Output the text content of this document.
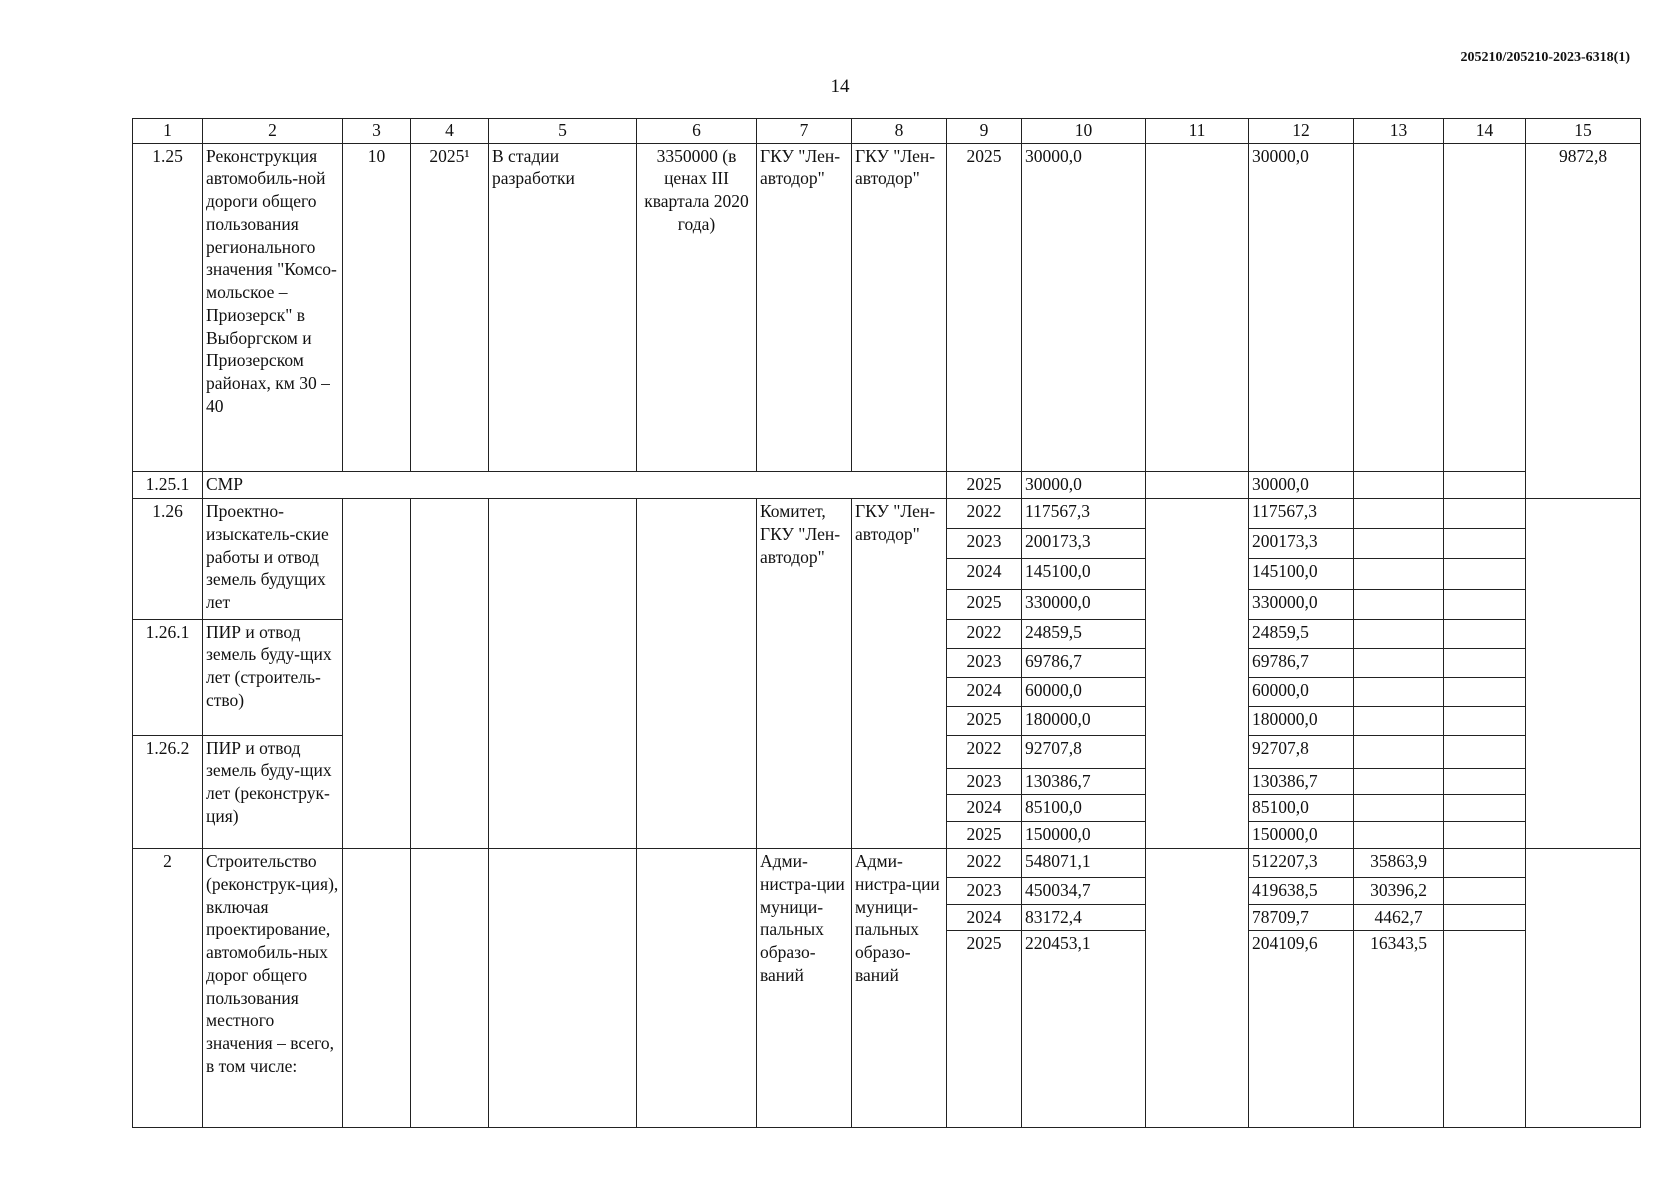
205210/205210-2023-6318(1)
14
1	2	3	4	5	6	7	8	9	10	11	12	13	14	15
1.25	Реконструкция автомобиль-ной дороги общего пользования регионального значения "Комсо-мольское – Приозерск" в Выборгском и Приозерском районах, км 30 – 40	10	2025¹	В стадии разработки	3350000 (в ценах III квартала 2020 года)	ГКУ "Лен-автодор"	ГКУ "Лен-автодор"	2025	30000,0		30000,0			9872,8
1.25.1	СМР							2025	30000,0		30000,0			
1.26	Проектно-изыскатель-ские работы и отвод земель будущих лет					Комитет, ГКУ "Лен-автодор"	ГКУ "Лен-автодор"	2022	117567,3		117567,3			
								2023	200173,3		200173,3			
								2024	145100,0		145100,0			
								2025	330000,0		330000,0			
1.26.1	ПИР и отвод земель буду-щих лет (строитель-ство)							2022	24859,5		24859,5			
								2023	69786,7		69786,7			
								2024	60000,0		60000,0			
								2025	180000,0		180000,0			
1.26.2	ПИР и отвод земель буду-щих лет (реконструк-ция)							2022	92707,8		92707,8			
								2023	130386,7		130386,7			
								2024	85100,0		85100,0			
								2025	150000,0		150000,0			
2	Строительство (реконструк-ция), включая проектирование, автомобиль-ных дорог общего пользования местного значения – всего, в том числе:					Адми-нистра-ции муници-пальных образо-ваний	Адми-нистра-ции муници-пальных образо-ваний	2022	548071,1		512207,3	35863,9		
								2023	450034,7		419638,5	30396,2		
								2024	83172,4		78709,7	4462,7		
								2025	220453,1		204109,6	16343,5		
